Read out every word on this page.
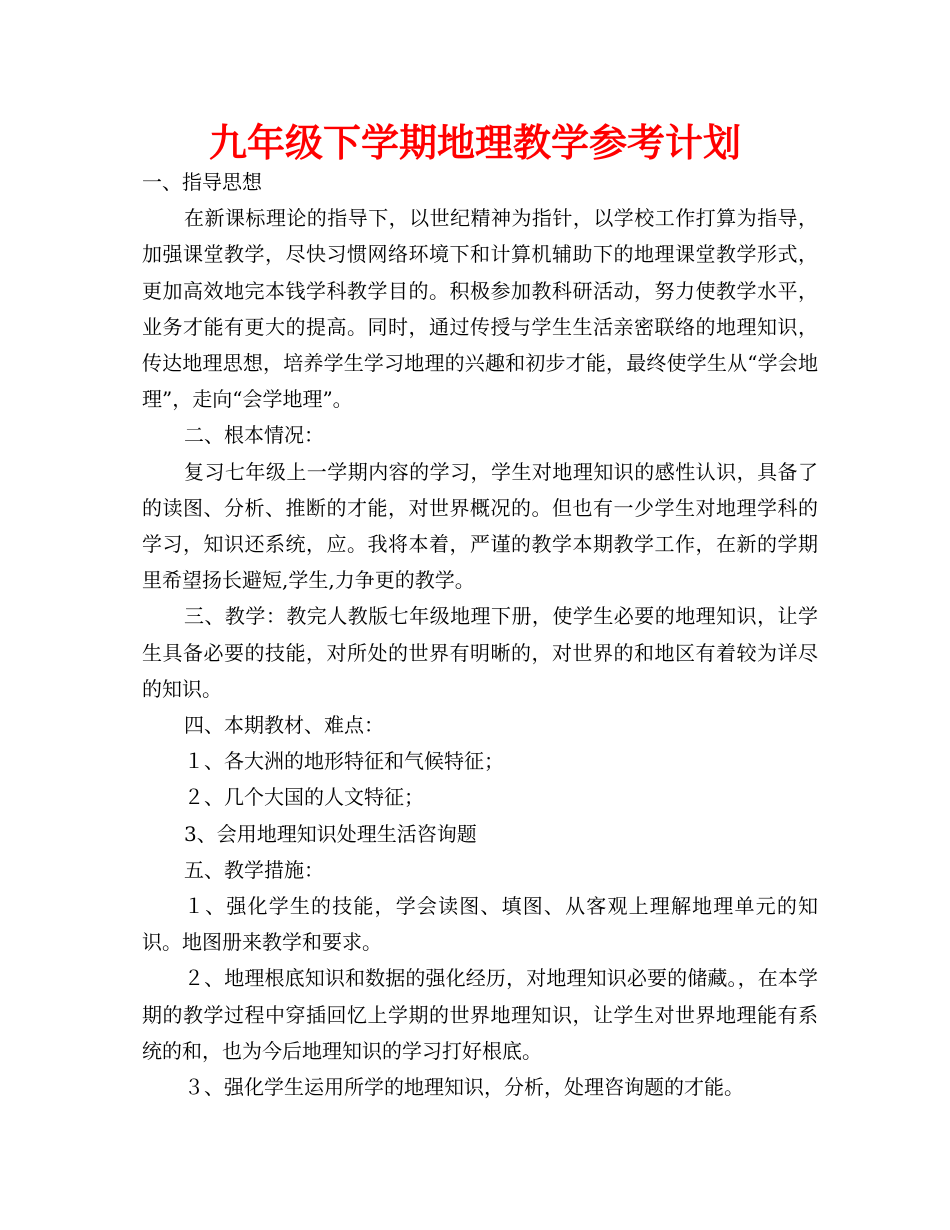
九年级下学期地理教学参考计划

一、指导思想

在新课标理论的指导下，以世纪精神为指针，以学校工作打算为指导，加强课堂教学，尽快习惯网络环境下和计算机辅助下的地理课堂教学形式，更加高效地完本钱学科教学目的。积极参加教科研活动，努力使教学水平，业务才能有更大的提高。同时，通过传授与学生生活亲密联络的地理知识，传达地理思想，培养学生学习地理的兴趣和初步才能，最终使学生从“学会地理”，走向“会学地理”。

二、根本情况：

复习七年级上一学期内容的学习，学生对地理知识的感性认识，具备了的读图、分析、推断的才能，对世界概况的。但也有一少学生对地理学科的学习，知识还系统，应。我将本着，严谨的教学本期教学工作，在新的学期里希望扬长避短,学生,力争更的教学。

三、教学：教完人教版七年级地理下册，使学生必要的地理知识，让学生具备必要的技能，对所处的世界有明晰的，对世界的和地区有着较为详尽的知识。

四、本期教材、难点：

１、各大洲的地形特征和气候特征；

２、几个大国的人文特征；

3、会用地理知识处理生活咨询题

五、教学措施：

１、强化学生的技能，学会读图、填图、从客观上理解地理单元的知识。地图册来教学和要求。

２、地理根底知识和数据的强化经历，对地理知识必要的储藏。，在本学期的教学过程中穿插回忆上学期的世界地理知识，让学生对世界地理能有系统的和，也为今后地理知识的学习打好根底。

３、强化学生运用所学的地理知识，分析，处理咨询题的才能。
